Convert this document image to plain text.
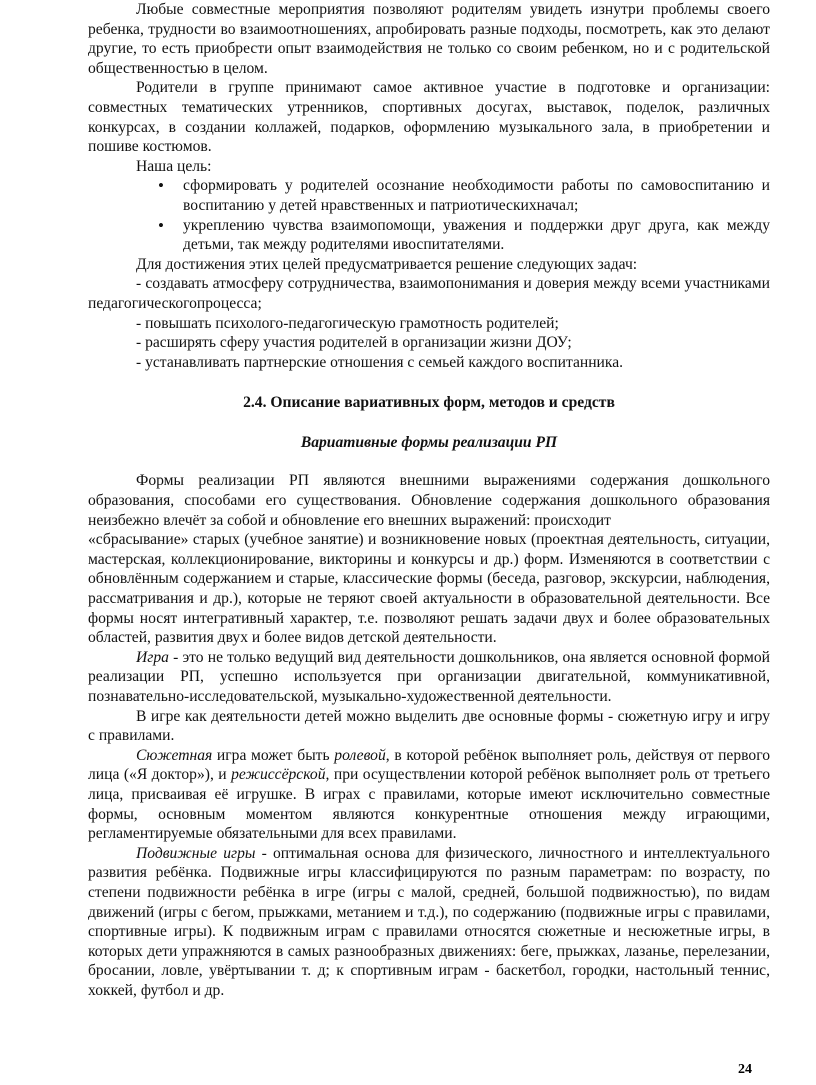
Любые совместные мероприятия позволяют родителям увидеть изнутри проблемы своего ребенка, трудности во взаимоотношениях, апробировать разные подходы, посмотреть, как это делают другие, то есть приобрести опыт взаимодействия не только со своим ребенком, но и с родительской общественностью в целом.

Родители в группе принимают самое активное участие в подготовке и организации: совместных тематических утренников, спортивных досугах, выставок, поделок, различных конкурсах, в создании коллажей, подарков, оформлению музыкального зала, в приобретении и пошиве костюмов.

Наша цель:

•
сформировать у родителей осознание необходимости работы по самовоспитанию и воспитанию у детей нравственных и патриотическихначал;
•
укреплению чувства взаимопомощи, уважения и поддержки друг друга, как между детьми, так между родителями ивоспитателями.

Для достижения этих целей предусматривается решение следующих задач:

- создавать атмосферу сотрудничества, взаимопонимания и доверия между всеми участниками педагогическогопроцесса;

- повышать психолого-педагогическую грамотность родителей;

- расширять сферу участия родителей в организации жизни ДОУ;

- устанавливать партнерские отношения с семьей каждого воспитанника.

2.4. Описание вариативных форм, методов и средств

Вариативные формы реализации РП

Формы реализации РП являются внешними выражениями содержания дошкольного образования, способами его существования. Обновление содержания дошкольного образования неизбежно влечёт за собой и обновление его внешних выражений: происходит

«сбрасывание» старых (учебное занятие) и возникновение новых (проектная деятельность, ситуации, мастерская, коллекционирование, викторины и конкурсы и др.) форм. Изменяются в соответствии с обновлённым содержанием и старые, классические формы (беседа, разговор, экскурсии, наблюдения, рассматривания и др.), которые не теряют своей актуальности в образовательной деятельности. Все формы носят интегративный характер, т.е. позволяют решать задачи двух и более образовательных областей, развития двух и более видов детской деятельности.

Игра - это не только ведущий вид деятельности дошкольников, она является основной формой реализации РП, успешно используется при организации двигательной, коммуникативной, познавательно-исследовательской, музыкально-художественной деятельности.

В игре как деятельности детей можно выделить две основные формы - сюжетную игру и игру с правилами.

Сюжетная игра может быть ролевой, в которой ребёнок выполняет роль, действуя от первого лица («Я доктор»), и режиссёрской, при осуществлении которой ребёнок выполняет роль от третьего лица, присваивая её игрушке. В играх с правилами, которые имеют исключительно совместные формы, основным моментом являются конкурентные отношения между играющими, регламентируемые обязательными для всех правилами.

Подвижные игры - оптимальная основа для физического, личностного и интеллектуального развития ребёнка. Подвижные игры классифицируются по разным параметрам: по возрасту, по степени подвижности ребёнка в игре (игры с малой, средней, большой подвижностью), по видам движений (игры с бегом, прыжками, метанием и т.д.), по содержанию (подвижные игры с правилами, спортивные игры). К подвижным играм с правилами относятся сюжетные и несюжетные игры, в которых дети упражняются в самых разнообразных движениях: беге, прыжках, лазанье, перелезании, бросании, ловле, увёртывании т. д; к спортивным играм - баскетбол, городки, настольный теннис, хоккей, футбол и др.

24
